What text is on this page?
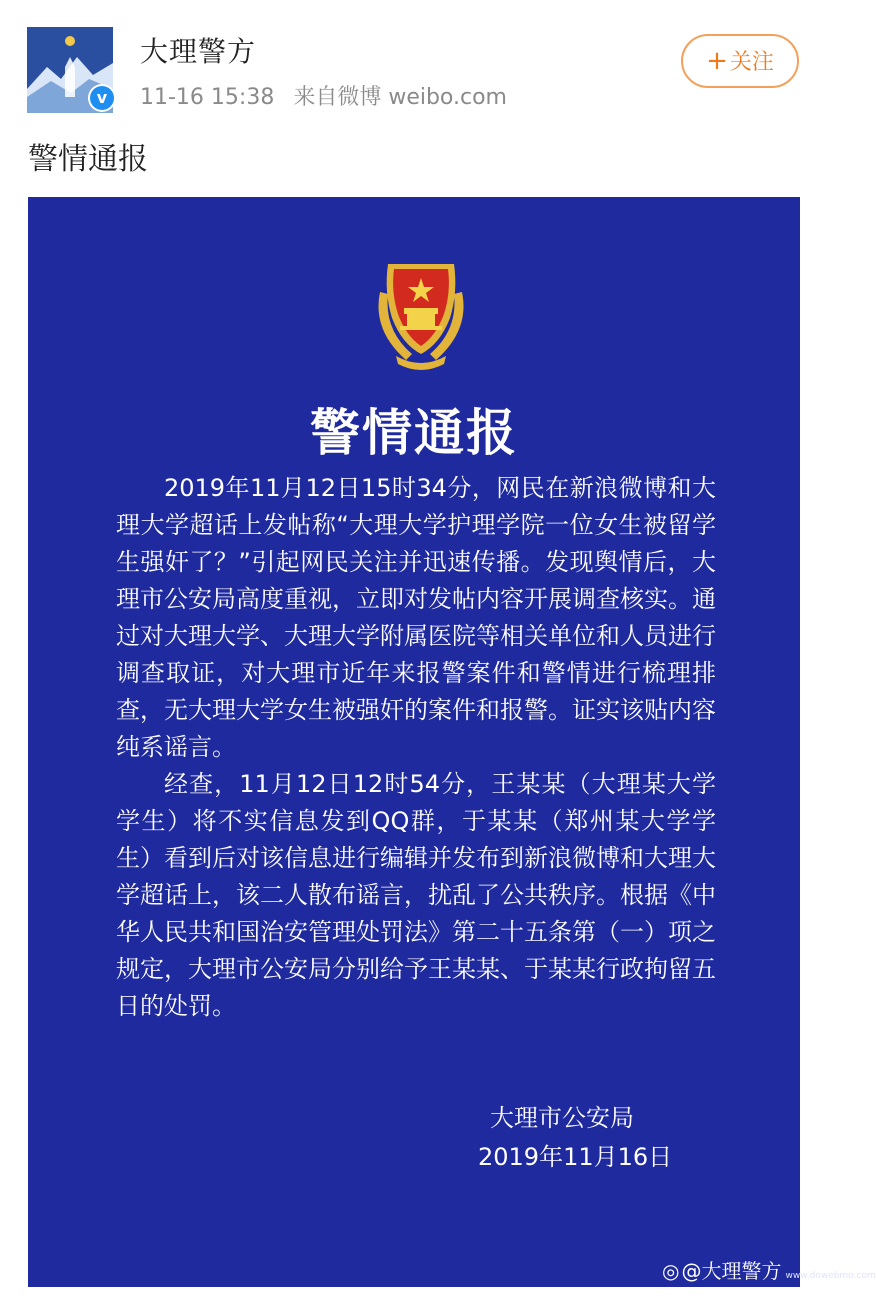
v
大理警方
11-16 15:38 来自微博 weibo.com
+关注
警情通报
警情通报

2019年11月12日15时34分，网民在新浪微博和大理大学超话上发帖称“大理大学护理学院一位女生被留学生强奸了？”引起网民关注并迅速传播。发现舆情后，大理市公安局高度重视，立即对发帖内容开展调查核实。通过对大理大学、大理大学附属医院等相关单位和人员进行调查取证，对大理市近年来报警案件和警情进行梳理排查，无大理大学女生被强奸的案件和报警。证实该贴内容纯系谣言。

经查，11月12日12时54分，王某某（大理某大学学生）将不实信息发到QQ群，于某某（郑州某大学学生）看到后对该信息进行编辑并发布到新浪微博和大理大学超话上，该二人散布谣言，扰乱了公共秩序。根据《中华人民共和国治安管理处罚法》第二十五条第（一）项之规定，大理市公安局分别给予王某某、于某某行政拘留五日的处罚。

大理市公安局
2019年11月16日
◎ @大理警方 www.dowebmo.com
